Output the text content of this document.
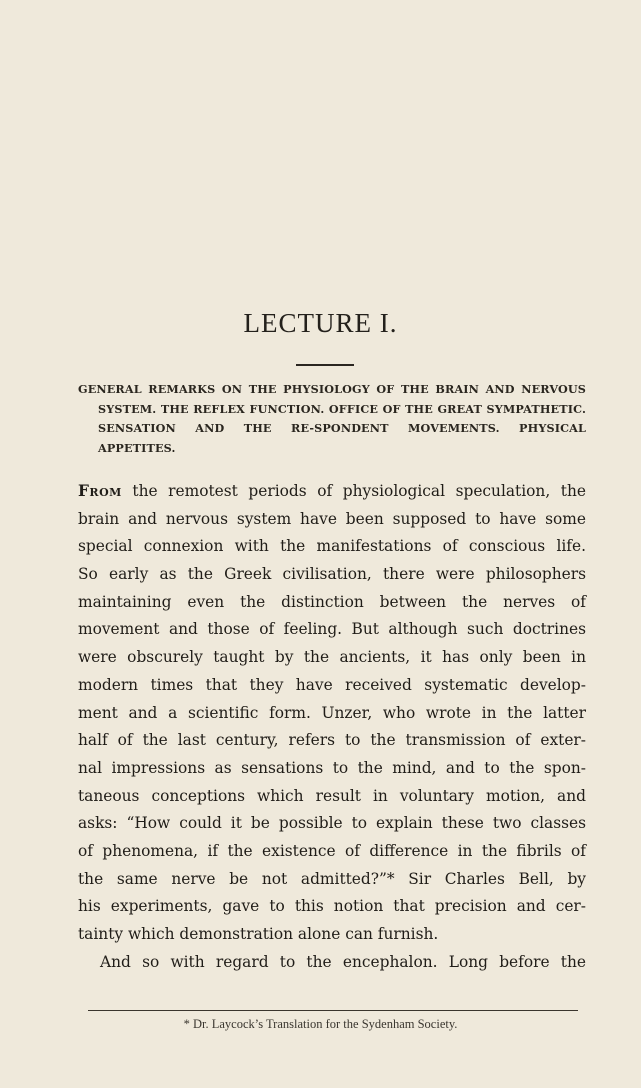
LECTURE I.

GENERAL REMARKS ON THE PHYSIOLOGY OF THE BRAIN AND NERVOUS SYSTEM. THE REFLEX FUNCTION. OFFICE OF THE GREAT SYMPATHETIC. SENSATION AND THE RE-SPONDENT MOVEMENTS. PHYSICAL APPETITES.

From the remotest periods of physiological speculation, the
brain and nervous system have been supposed to have some
special connexion with the manifestations of conscious life.
So early as the Greek civilisation, there were philosophers
maintaining even the distinction between the nerves of
movement and those of feeling. But although such doctrines
were obscurely taught by the ancients, it has only been in
modern times that they have received systematic develop-
ment and a scientific form. Unzer, who wrote in the latter
half of the last century, refers to the transmission of exter-
nal impressions as sensations to the mind, and to the spon-
taneous conceptions which result in voluntary motion, and
asks: “How could it be possible to explain these two classes
of phenomena, if the existence of difference in the fibrils of
the same nerve be not admitted?”* Sir Charles Bell, by
his experiments, gave to this notion that precision and cer-
tainty which demonstration alone can furnish.
And so with regard to the encephalon. Long before the
* Dr. Laycock’s Translation for the Sydenham Society.
